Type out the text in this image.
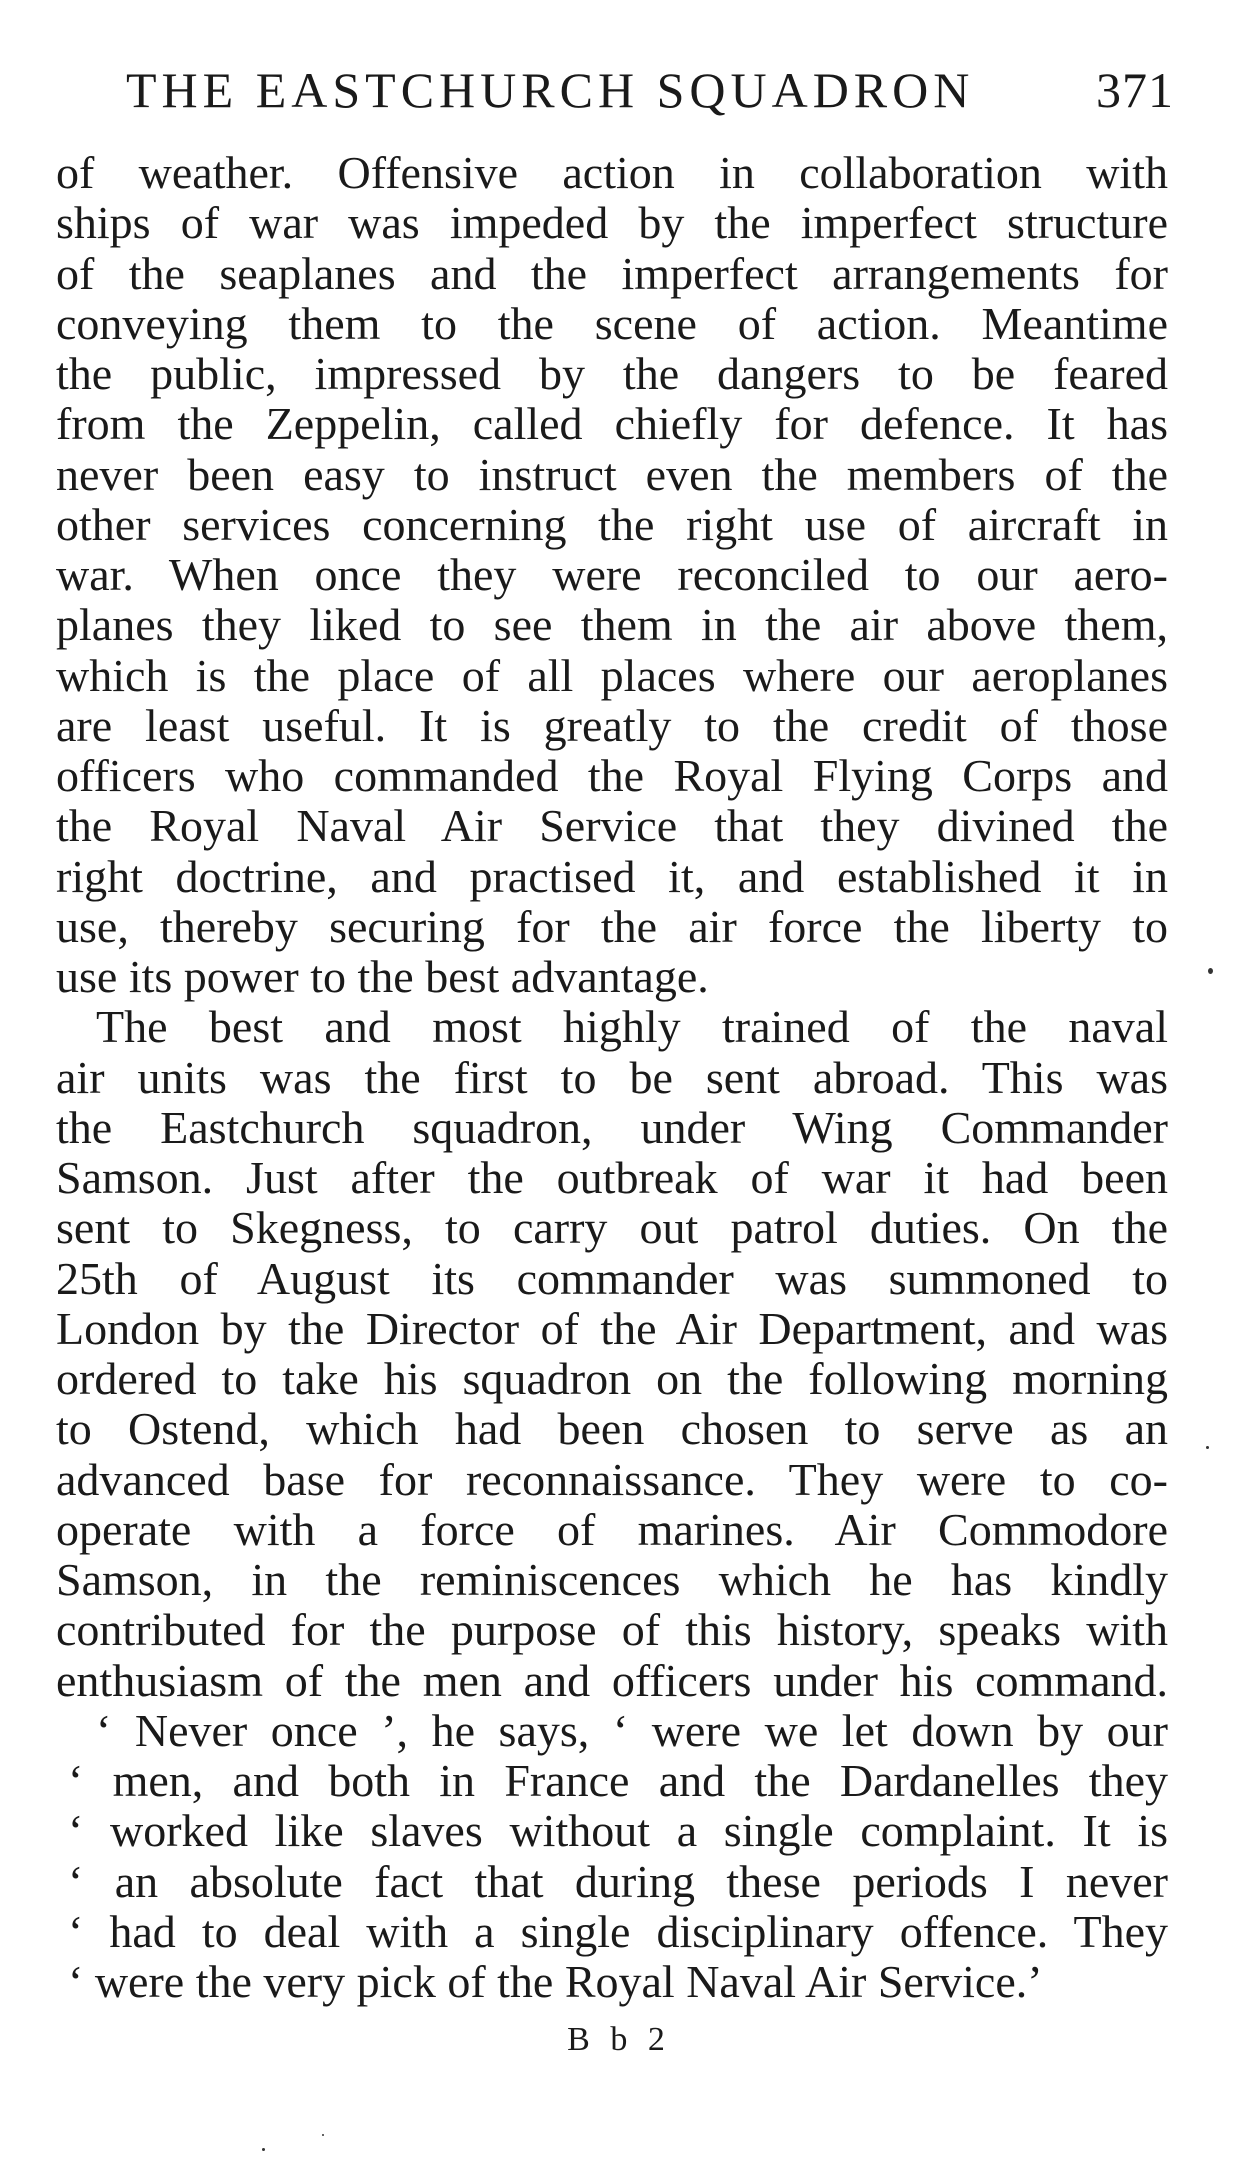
THE EASTCHURCH SQUADRON 371
of weather. Offensive action in collaboration with
ships of war was impeded by the imperfect structure
of the seaplanes and the imperfect arrangements for
conveying them to the scene of action. Meantime
the public, impressed by the dangers to be feared
from the Zeppelin, called chiefly for defence. It has
never been easy to instruct even the members of the
other services concerning the right use of aircraft in
war. When once they were reconciled to our aero-
planes they liked to see them in the air above them,
which is the place of all places where our aeroplanes
are least useful. It is greatly to the credit of those
officers who commanded the Royal Flying Corps and
the Royal Naval Air Service that they divined the
right doctrine, and practised it, and established it in
use, thereby securing for the air force the liberty to
use its power to the best advantage.
The best and most highly trained of the naval
air units was the first to be sent abroad. This was
the Eastchurch squadron, under Wing Commander
Samson. Just after the outbreak of war it had been
sent to Skegness, to carry out patrol duties. On the
25th of August its commander was summoned to
London by the Director of the Air Department, and was
ordered to take his squadron on the following morning
to Ostend, which had been chosen to serve as an
advanced base for reconnaissance. They were to co-
operate with a force of marines. Air Commodore
Samson, in the reminiscences which he has kindly
contributed for the purpose of this history, speaks with
enthusiasm of the men and officers under his command.
‘ Never once ’, he says, ‘ were we let down by our
‘ men, and both in France and the Dardanelles they
‘ worked like slaves without a single complaint. It is
‘ an absolute fact that during these periods I never
‘ had to deal with a single disciplinary offence. They
‘ were the very pick of the Royal Naval Air Service.’
B b 2
